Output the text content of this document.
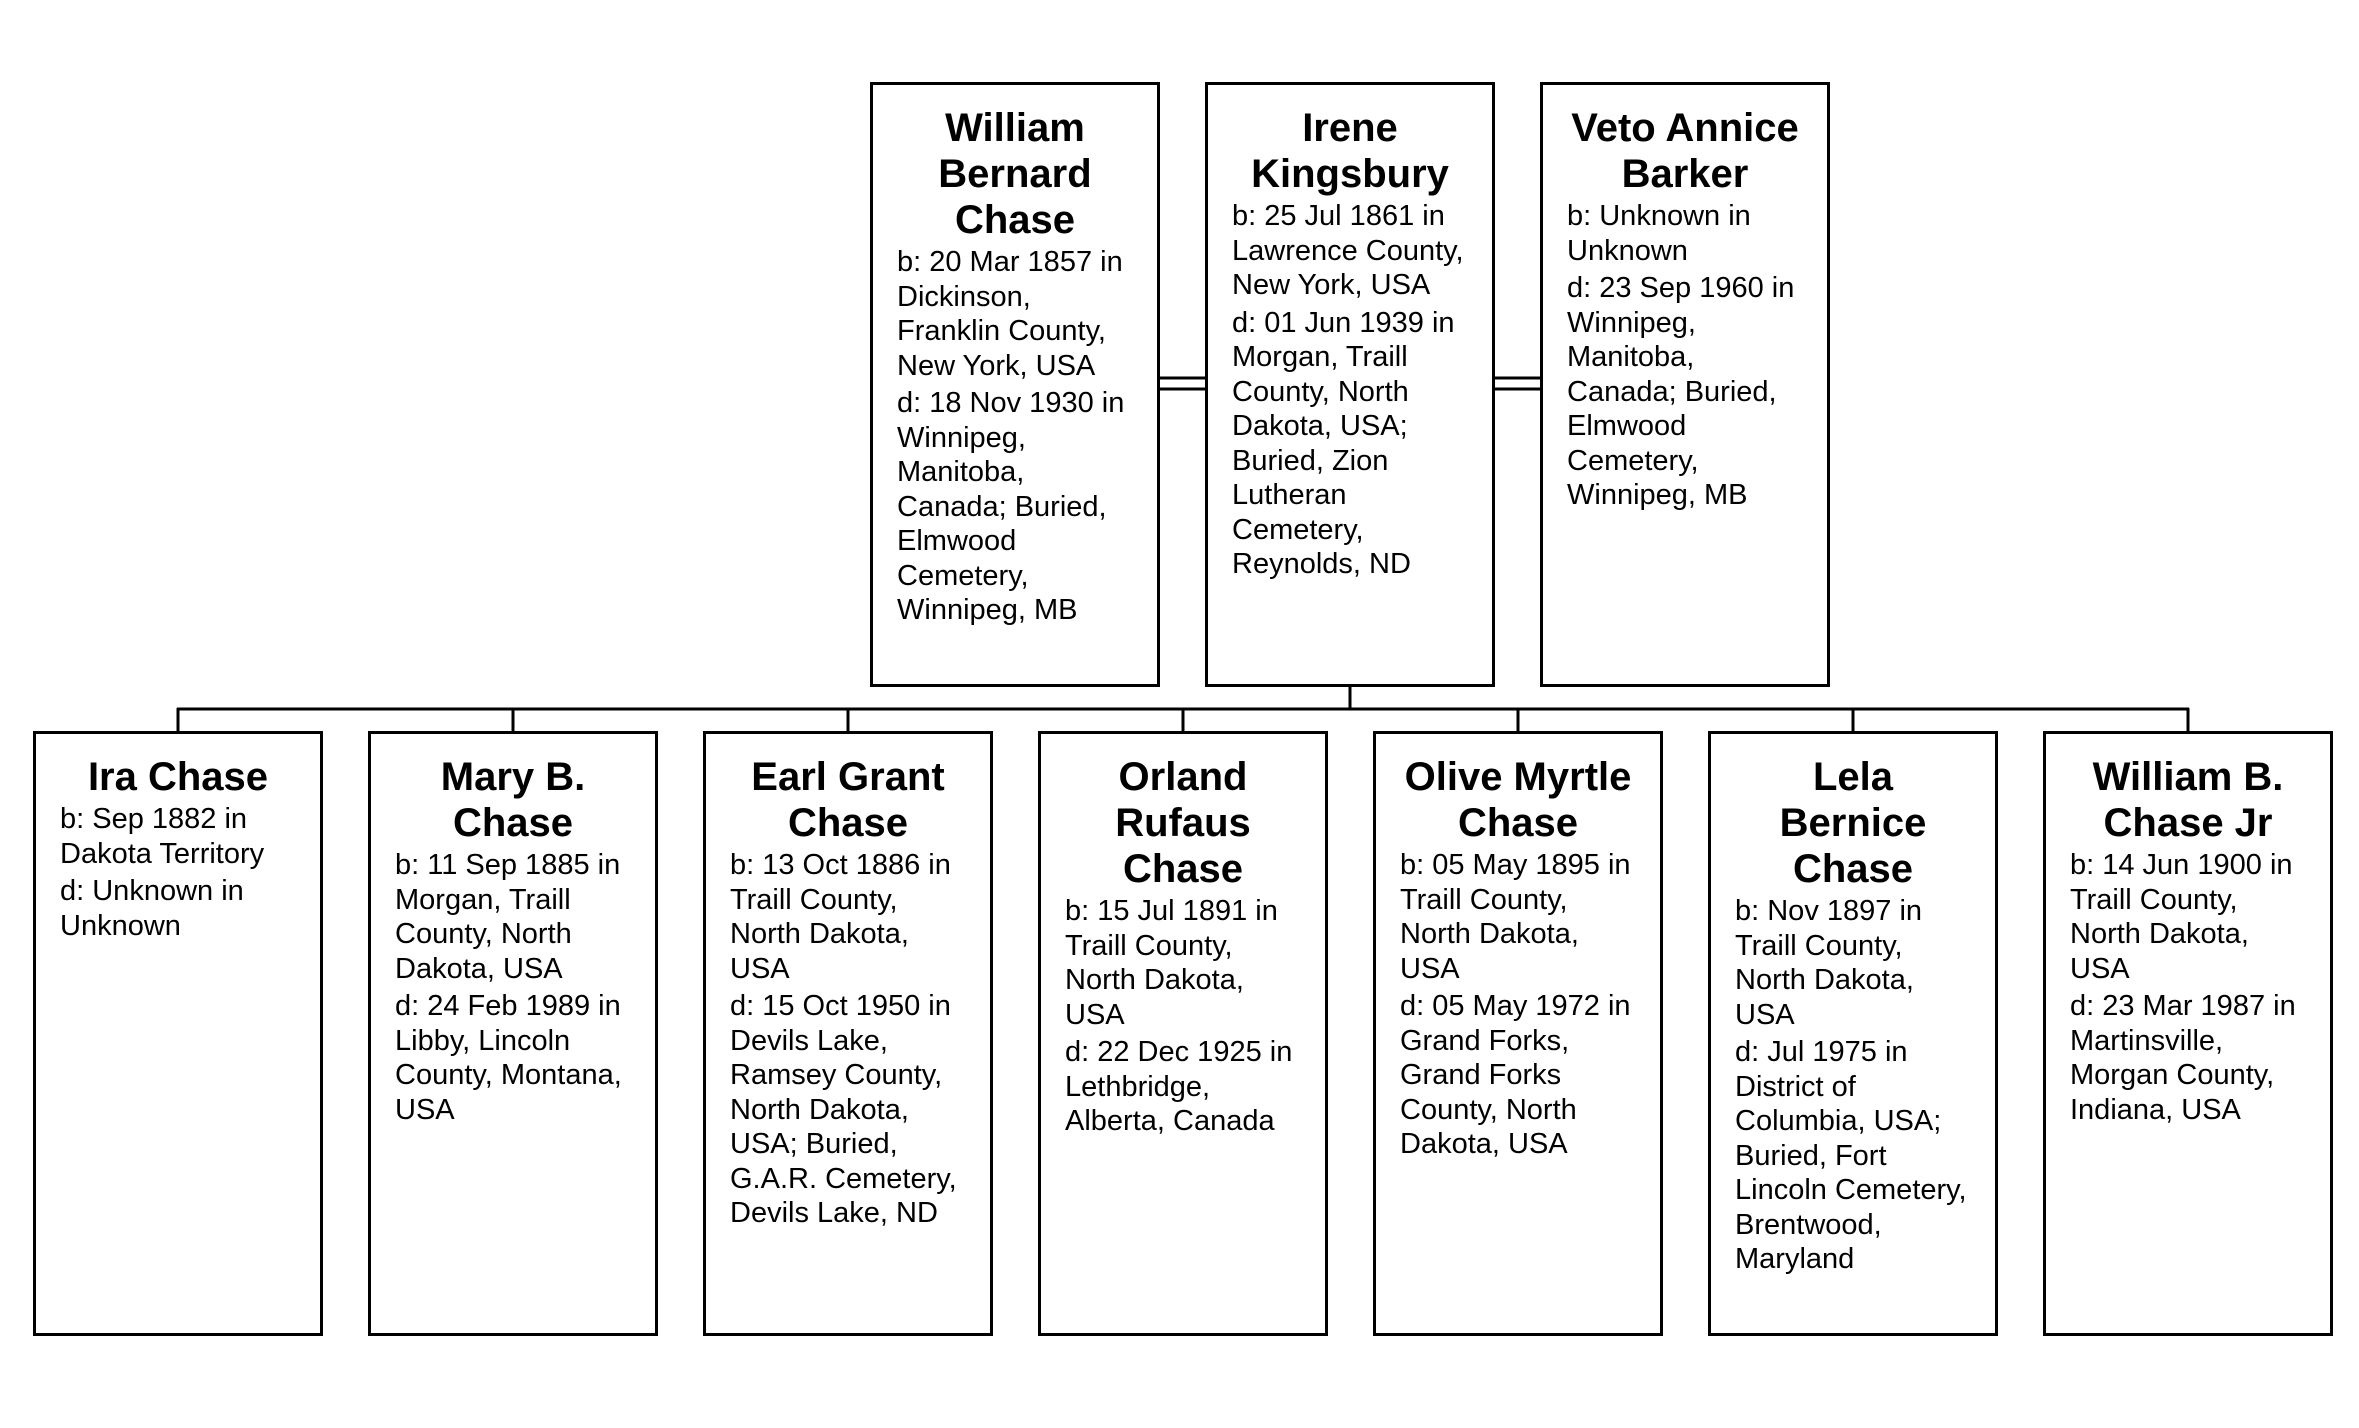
William Bernard Chase
b: 20 Mar 1857 in Dickinson, Franklin County, New York, USA
d: 18 Nov 1930 in Winnipeg, Manitoba, Canada; Buried, Elmwood Cemetery, Winnipeg, MB
Irene Kingsbury
b: 25 Jul 1861 in Lawrence County, New York, USA
d: 01 Jun 1939 in Morgan, Traill County, North Dakota, USA; Buried, Zion Lutheran Cemetery, Reynolds, ND
Veto Annice Barker
b: Unknown in Unknown
d: 23 Sep 1960 in Winnipeg, Manitoba, Canada; Buried, Elmwood Cemetery, Winnipeg, MB
Ira Chase
b: Sep 1882 in Dakota Territory
d: Unknown in Unknown
Mary B. Chase
b: 11 Sep 1885 in Morgan, Traill County, North Dakota, USA
d: 24 Feb 1989 in Libby, Lincoln County, Montana, USA
Earl Grant Chase
b: 13 Oct 1886 in Traill County, North Dakota, USA
d: 15 Oct 1950 in Devils Lake, Ramsey County, North Dakota, USA; Buried, G.A.R. Cemetery, Devils Lake, ND
Orland Rufaus Chase
b: 15 Jul 1891 in Traill County, North Dakota, USA
d: 22 Dec 1925 in Lethbridge, Alberta, Canada
Olive Myrtle Chase
b: 05 May 1895 in Traill County, North Dakota, USA
d: 05 May 1972 in Grand Forks, Grand Forks County, North Dakota, USA
Lela Bernice Chase
b: Nov 1897 in Traill County, North Dakota, USA
d: Jul 1975 in District of Columbia, USA; Buried, Fort Lincoln Cemetery, Brentwood, Maryland
William B. Chase Jr
b: 14 Jun 1900 in Traill County, North Dakota, USA
d: 23 Mar 1987 in Martinsville, Morgan County, Indiana, USA
